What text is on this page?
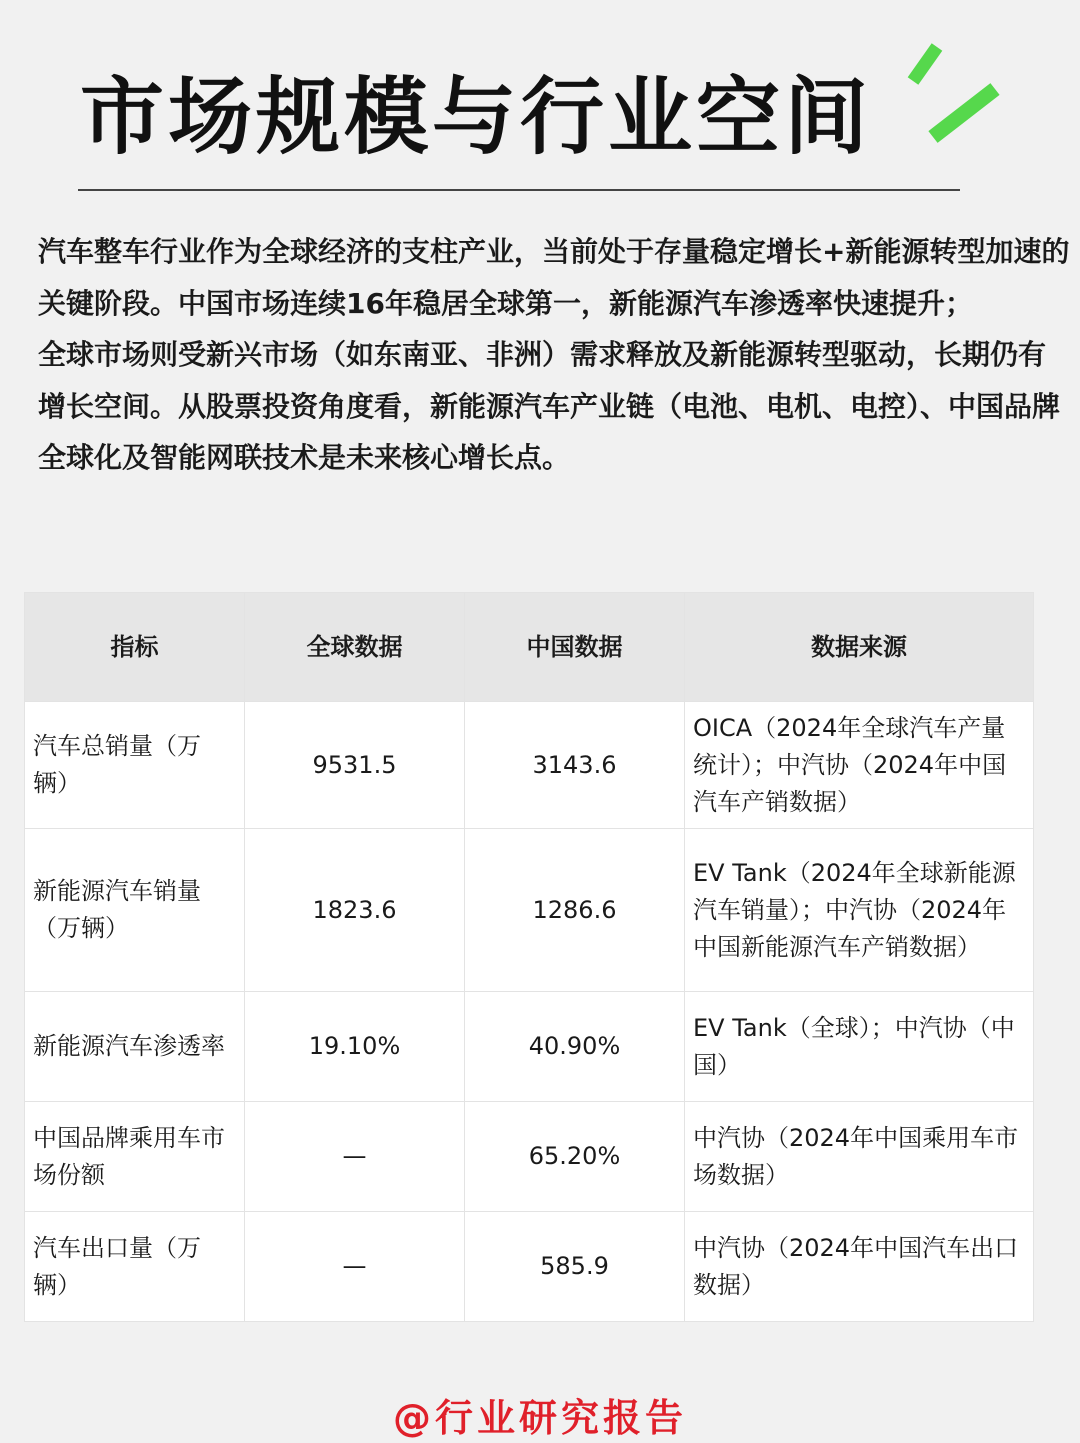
市场规模与行业空间

汽车整车行业作为全球经济的支柱产业，当前处于存量稳定增长+新能源转型加速的关键阶段。中国市场连续16年稳居全球第一，新能源汽车渗透率快速提升；

全球市场则受新兴市场（如东南亚、非洲）需求释放及新能源转型驱动，长期仍有增长空间。从股票投资角度看，新能源汽车产业链（电池、电机、电控）、中国品牌全球化及智能网联技术是未来核心增长点。

指标	全球数据	中国数据	数据来源
汽车总销量（万辆）	9531.5	3143.6	OICA（2024年全球汽车产量统计）；中汽协（2024年中国汽车产销数据）
新能源汽车销量（万辆）	1823.6	1286.6	EV Tank（2024年全球新能源汽车销量）；中汽协（2024年中国新能源汽车产销数据）
新能源汽车渗透率	19.10%	40.90%	EV Tank（全球）；中汽协（中国）
中国品牌乘用车市场份额	—	65.20%	中汽协（2024年中国乘用车市场数据）
汽车出口量（万辆）	—	585.9	中汽协（2024年中国汽车出口数据）
@行业研究报告
